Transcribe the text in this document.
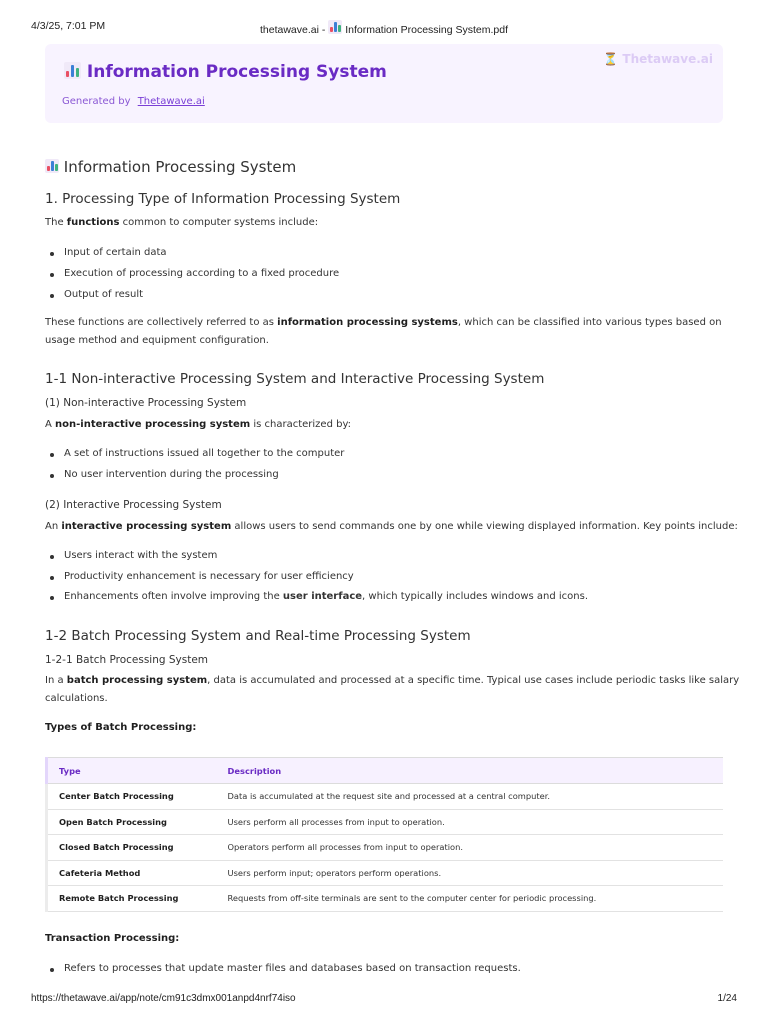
4/3/25, 7:01 PM	thetawave.ai - Information Processing System.pdf
Information Processing System
Generated by Thetawave.ai
⏳ Thetawave.ai
Information Processing System
1. Processing Type of Information Processing System
The functions common to computer systems include:
Input of certain data
Execution of processing according to a fixed procedure
Output of result
These functions are collectively referred to as information processing systems, which can be classified into various types based on
usage method and equipment configuration.
1-1 Non-interactive Processing System and Interactive Processing System
(1) Non-interactive Processing System
A non-interactive processing system is characterized by:
A set of instructions issued all together to the computer
No user intervention during the processing
(2) Interactive Processing System
An interactive processing system allows users to send commands one by one while viewing displayed information. Key points include:
Users interact with the system
Productivity enhancement is necessary for user efficiency
Enhancements often involve improving the user interface, which typically includes windows and icons.
1-2 Batch Processing System and Real-time Processing System
1-2-1 Batch Processing System
In a batch processing system, data is accumulated and processed at a specific time. Typical use cases include periodic tasks like salary
calculations.
Types of Batch Processing:
Type	Description
Center Batch Processing	Data is accumulated at the request site and processed at a central computer.
Open Batch Processing	Users perform all processes from input to operation.
Closed Batch Processing	Operators perform all processes from input to operation.
Cafeteria Method	Users perform input; operators perform operations.
Remote Batch Processing	Requests from off-site terminals are sent to the computer center for periodic processing.
Transaction Processing:
Refers to processes that update master files and databases based on transaction requests.
https://thetawave.ai/app/note/cm91c3dmx001anpd4nrf74iso	1/24
